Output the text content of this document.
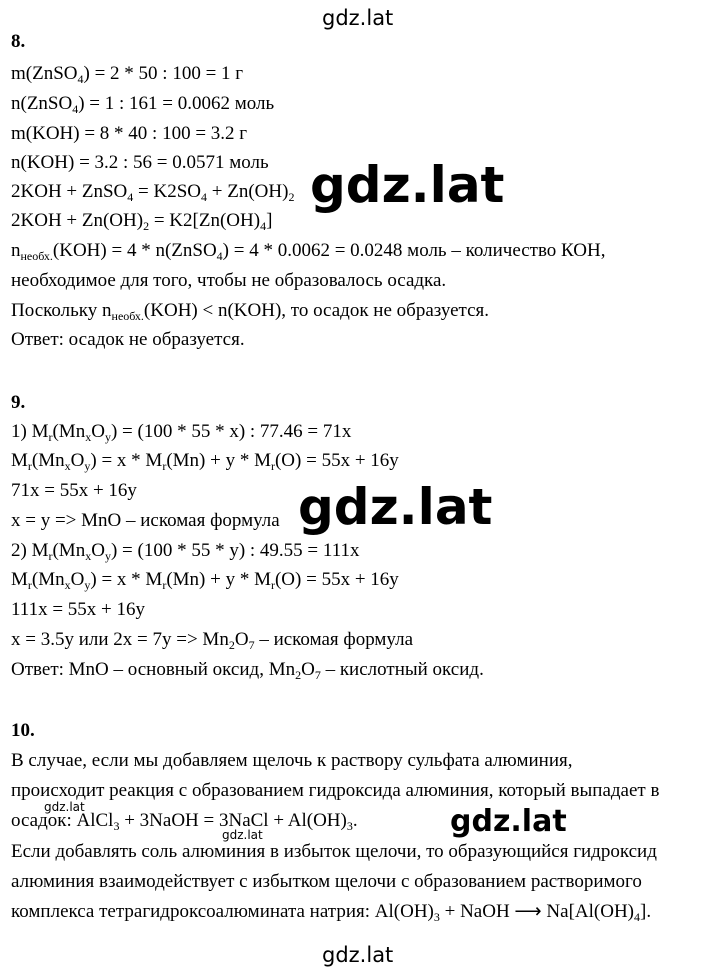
gdz.lat
gdz.lat
gdz.lat
gdz.lat
gdz.lat
gdz.lat
gdz.lat
8.
m(ZnSO$_4$) = 2 * 50 : 100 = 1 г
n(ZnSO$_4$) = 1 : 161 = 0.0062 моль
m(KOH) = 8 * 40 : 100 = 3.2 г
n(KOH) = 3.2 : 56 = 0.0571 моль
2KOH + ZnSO$_4$ = $K2SO_4 + Zn(OH)_2$
$2KOH + Zn(OH)_2 = K2[Zn(OH)_4]$
$n_{необх.}(KOH) = 4$ * n(ZnSO$_4$) = 4 * 0.0062 = 0.0248 моль – количество КОН,
необходимое для того, чтобы не образовалось осадка.
Поскольку $n_{необх.}(KOH) < n(KOH)$, то осадок не образуется.
Ответ: осадок не образуется.
9.
1) $M_r(Mn_xO_y) = (100 * 55 * x)$ : 77.46 = 71x
$M_r(Mn_xO_y) = x * M_r(Mn) + y * M_r(O) = 55x + 16y$
71x = 55x + 16y
x = y => MnO – искомая формула
2) $M_r(Mn_xO_y) = (100 * 55 * y)$ : 49.55 = 111x
$M_r(Mn_xO_y) = x * M_r(Mn) + y * M_r(O) = 55x + 16y$
111x = 55x + 16y
x = 3.5y или $2x = 7y => Mn_2O_7$ – искомая формула
Ответ: MnO – основный оксид, $Mn_2O_7$ – кислотный оксид.
10.
В случае, если мы добавляем щелочь к раствору сульфата алюминия,
происходит реакция с образованием гидроксида алюминия, который выпадает в
осадок: AlCl$_3$ + 3NaOH = 3NaCl + $Al(OH)_3$.
Если добавлять соль алюминия в избыток щелочи, то образующийся гидроксид
алюминия взаимодействует с избытком щелочи с образованием растворимого
комплекса тетрагидроксоалюмината натрия: $Al(OH)_3$ + NaOH ⟶ $Na[Al(OH)_4]$.
